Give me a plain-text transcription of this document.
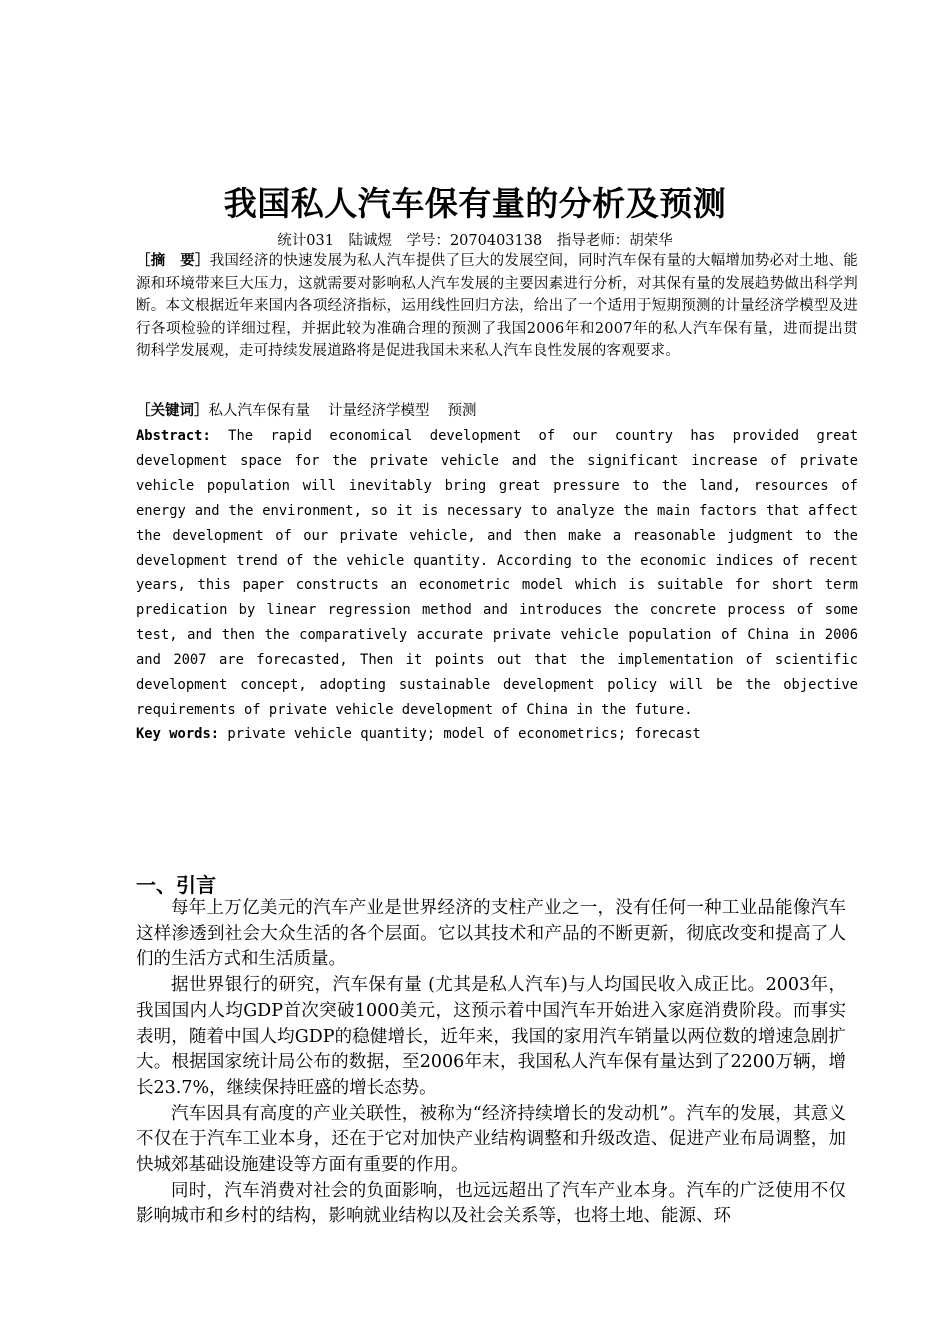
我国私人汽车保有量的分析及预测
统计031　陆诚煜　学号：2070403138　指导老师：胡荣华
［摘　要］我国经济的快速发展为私人汽车提供了巨大的发展空间，同时汽车保有量的大幅增加势必对土地、能源和环境带来巨大压力，这就需要对影响私人汽车发展的主要因素进行分析，对其保有量的发展趋势做出科学判断。本文根据近年来国内各项经济指标，运用线性回归方法，给出了一个适用于短期预测的计量经济学模型及进行各项检验的详细过程，并据此较为准确合理的预测了我国2006年和2007年的私人汽车保有量，进而提出贯彻科学发展观，走可持续发展道路将是促进我国未来私人汽车良性发展的客观要求。
［关键词］私人汽车保有量 计量经济学模型 预测
Abstract: The rapid economical development of our country has provided great development space for the private vehicle and the significant increase of private vehicle population will inevitably bring great pressure to the land, resources of energy and the environment, so it is necessary to analyze the main factors that affect the development of our private vehicle, and then make a reasonable judgment to the development trend of the vehicle quantity. According to the economic indices of recent years, this paper constructs an econometric model which is suitable for short term predication by linear regression method and introduces the concrete process of some test, and then the comparatively accurate private vehicle population of China in 2006 and 2007 are forecasted, Then it points out that the implementation of scientific development concept, adopting sustainable development policy will be the objective requirements of private vehicle development of China in the future.
Key words: private vehicle quantity; model of econometrics; forecast
一、引言

每年上万亿美元的汽车产业是世界经济的支柱产业之一，没有任何一种工业品能像汽车这样渗透到社会大众生活的各个层面。它以其技术和产品的不断更新，彻底改变和提高了人们的生活方式和生活质量。

据世界银行的研究，汽车保有量 (尤其是私人汽车)与人均国民收入成正比。2003年，我国国内人均GDP首次突破1000美元，这预示着中国汽车开始进入家庭消费阶段。而事实表明，随着中国人均GDP的稳健增长，近年来，我国的家用汽车销量以两位数的增速急剧扩大。根据国家统计局公布的数据，至2006年末，我国私人汽车保有量达到了2200万辆，增长23.7%，继续保持旺盛的增长态势。

汽车因具有高度的产业关联性，被称为“经济持续增长的发动机”。汽车的发展，其意义不仅在于汽车工业本身，还在于它对加快产业结构调整和升级改造、促进产业布局调整，加快城郊基础设施建设等方面有重要的作用。

同时，汽车消费对社会的负面影响，也远远超出了汽车产业本身。汽车的广泛使用不仅影响城市和乡村的结构，影响就业结构以及社会关系等，也将土地、能源、环
